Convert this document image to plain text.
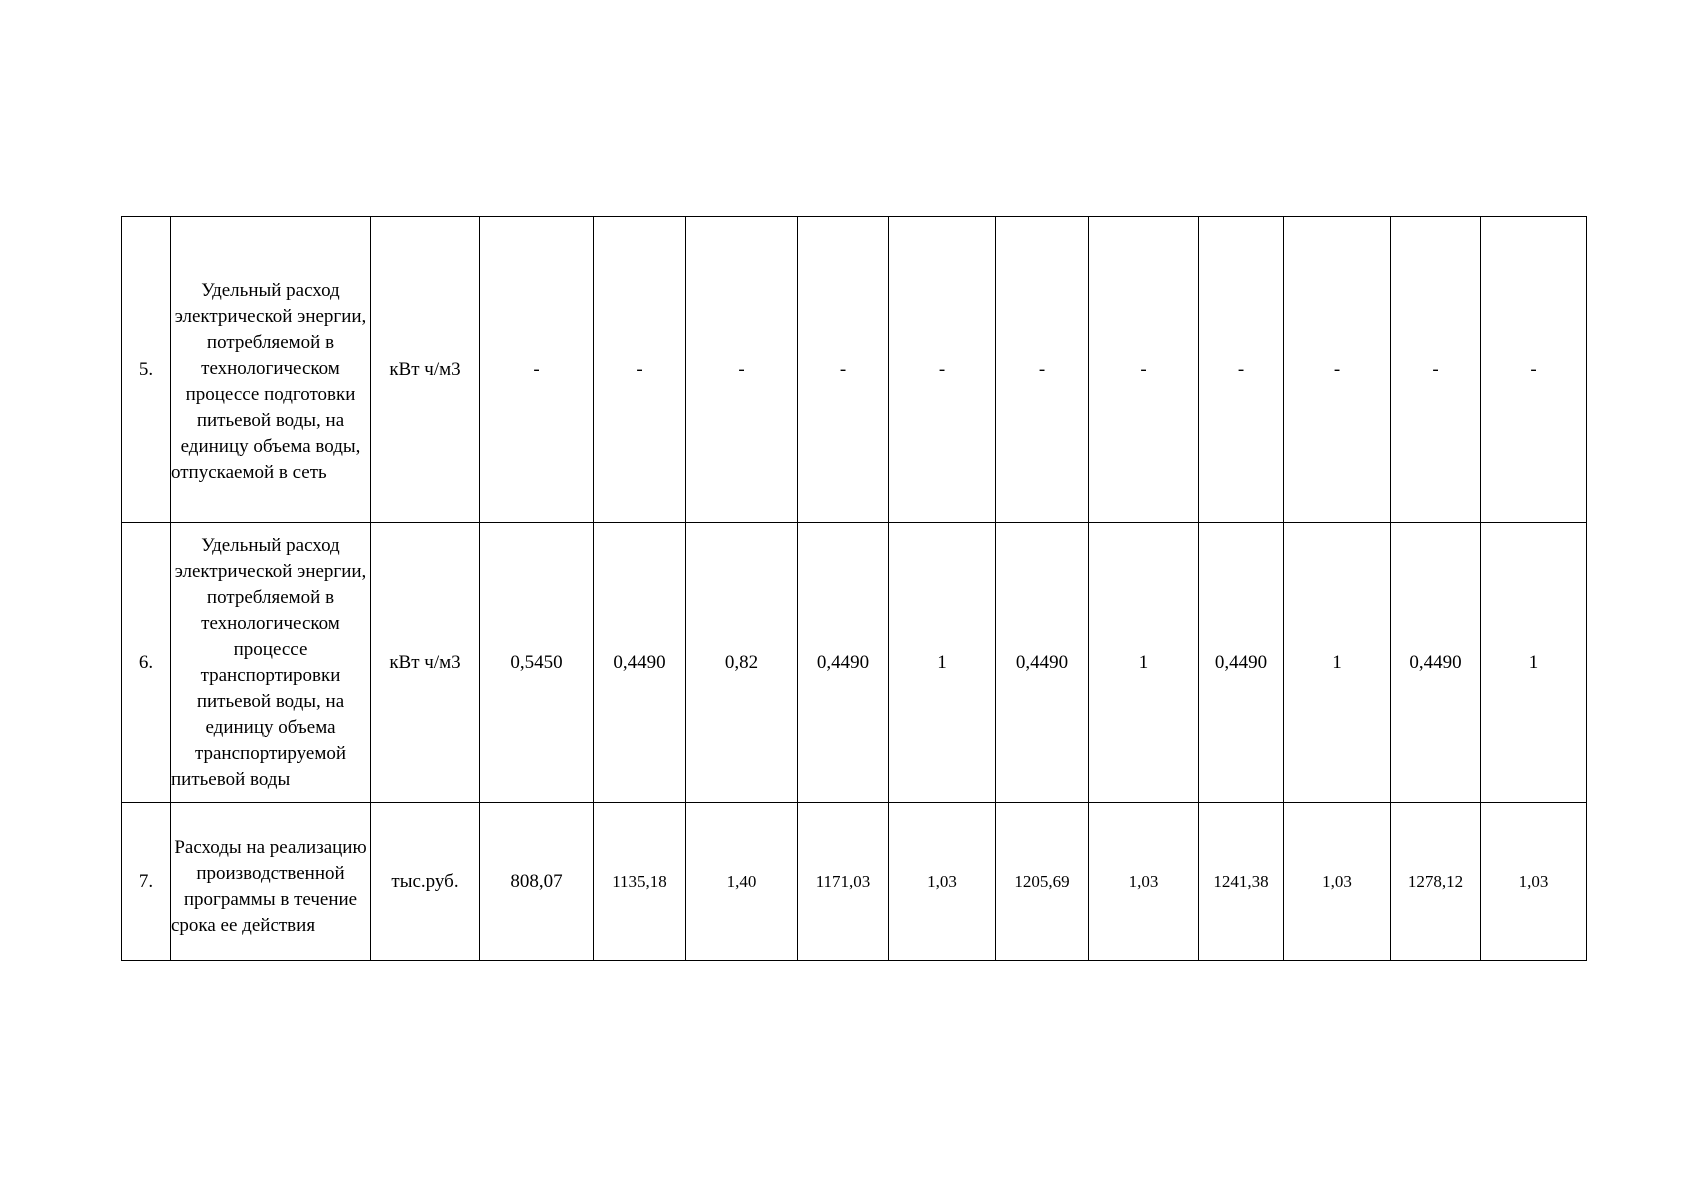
5.	Удельный расход электрической энергии, потребляемой в технологическом процессе подготовки питьевой воды, на единицу объема воды, отпускаемой в сеть	кВт ч/м3	-	-	-	-	-	-	-	-	-	-	-
6.	Удельный расход электрической энергии, потребляемой в технологическом процессе транспортировки питьевой воды, на единицу объема транспортируемой питьевой воды	кВт ч/м3	0,5450	0,4490	0,82	0,4490	1	0,4490	1	0,4490	1	0,4490	1
7.	Расходы на реализацию производственной программы в течение срока ее действия	тыс.руб.	808,07	1135,18	1,40	1171,03	1,03	1205,69	1,03	1241,38	1,03	1278,12	1,03
